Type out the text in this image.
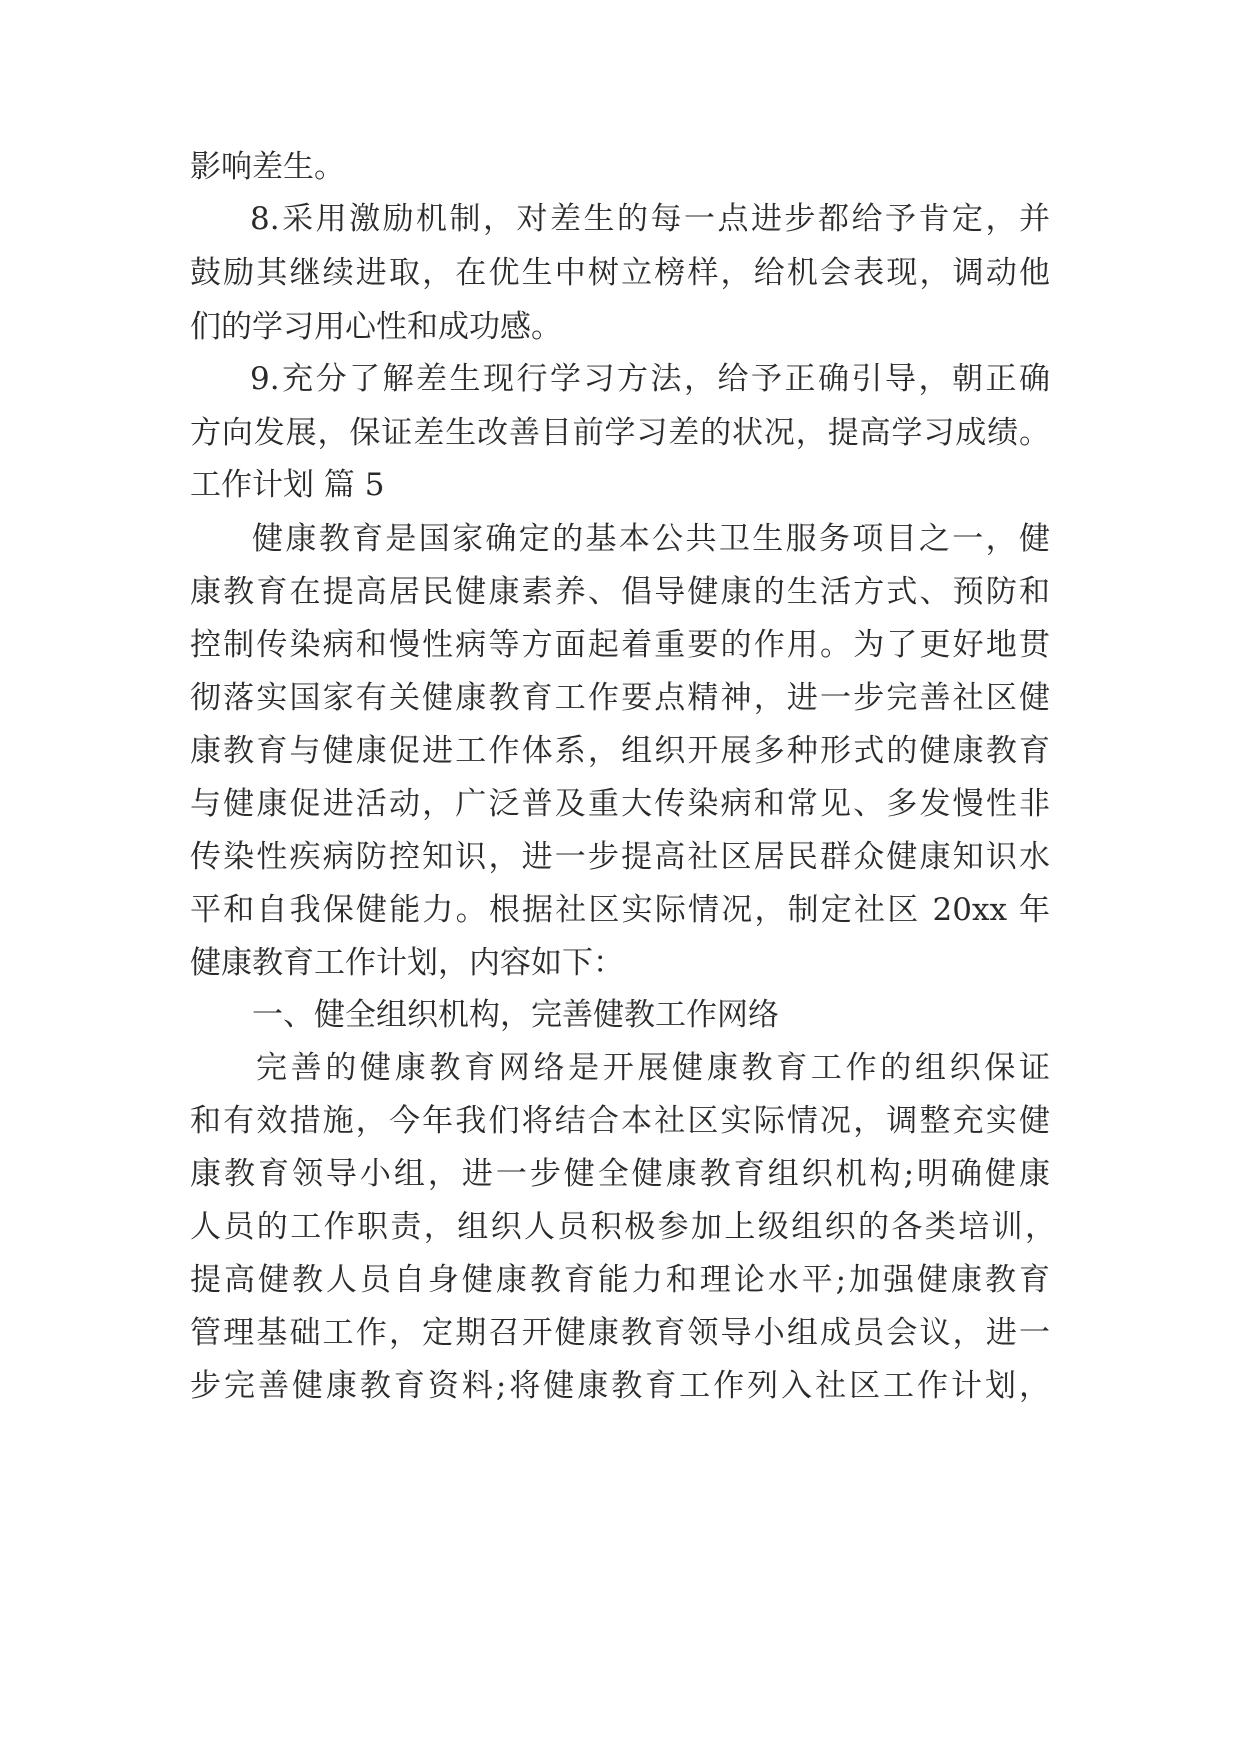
影响差生。
8.采用激励机制，对差生的每一点进步都给予肯定，并
鼓励其继续进取，在优生中树立榜样，给机会表现，调动他
们的学习用心性和成功感。
9.充分了解差生现行学习方法，给予正确引导，朝正确
方向发展，保证差生改善目前学习差的状况，提高学习成绩。
工作计划 篇 5
健康教育是国家确定的基本公共卫生服务项目之一，健
康教育在提高居民健康素养、倡导健康的生活方式、预防和
控制传染病和慢性病等方面起着重要的作用。为了更好地贯
彻落实国家有关健康教育工作要点精神，进一步完善社区健
康教育与健康促进工作体系，组织开展多种形式的健康教育
与健康促进活动，广泛普及重大传染病和常见、多发慢性非
传染性疾病防控知识，进一步提高社区居民群众健康知识水
平和自我保健能力。根据社区实际情况，制定社区 20xx 年
健康教育工作计划，内容如下：
一、健全组织机构，完善健教工作网络
完善的健康教育网络是开展健康教育工作的组织保证
和有效措施，今年我们将结合本社区实际情况，调整充实健
康教育领导小组，进一步健全健康教育组织机构;明确健康
人员的工作职责，组织人员积极参加上级组织的各类培训，
提高健教人员自身健康教育能力和理论水平;加强健康教育
管理基础工作，定期召开健康教育领导小组成员会议，进一
步完善健康教育资料;将健康教育工作列入社区工作计划，
